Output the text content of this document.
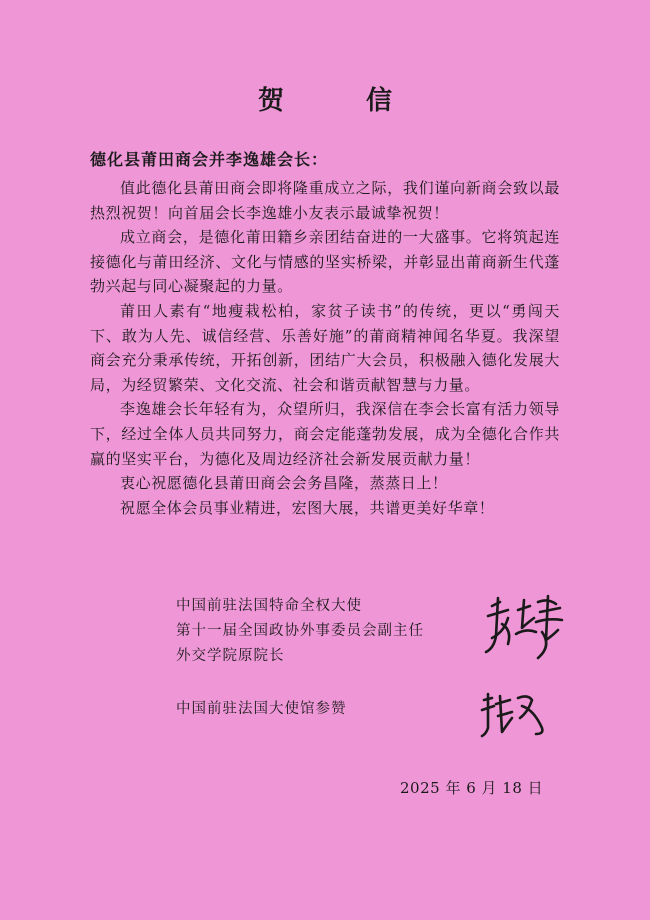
贺　信
德化县莆田商会并李逸雄会长：

值此德化县莆田商会即将隆重成立之际，我们谨向新商会致以最热烈祝贺！向首届会长李逸雄小友表示最诚挚祝贺！

成立商会，是德化莆田籍乡亲团结奋进的一大盛事。它将筑起连接德化与莆田经济、文化与情感的坚实桥梁，并彰显出莆商新生代蓬勃兴起与同心凝聚起的力量。

莆田人素有“地瘦栽松柏，家贫子读书”的传统，更以“勇闯天下、敢为人先、诚信经营、乐善好施”的莆商精神闻名华夏。我深望商会充分秉承传统，开拓创新，团结广大会员，积极融入德化发展大局，为经贸繁荣、文化交流、社会和谐贡献智慧与力量。

李逸雄会长年轻有为，众望所归，我深信在李会长富有活力领导下，经过全体人员共同努力，商会定能蓬勃发展，成为全德化合作共赢的坚实平台，为德化及周边经济社会新发展贡献力量！

衷心祝愿德化县莆田商会会务昌隆，蒸蒸日上！

祝愿全体会员事业精进，宏图大展，共谱更美好华章！

中国前驻法国特命全权大使
第十一届全国政协外事委员会副主任
外交学院原院长
中国前驻法国大使馆参赞
2025 年 6 月 18 日
